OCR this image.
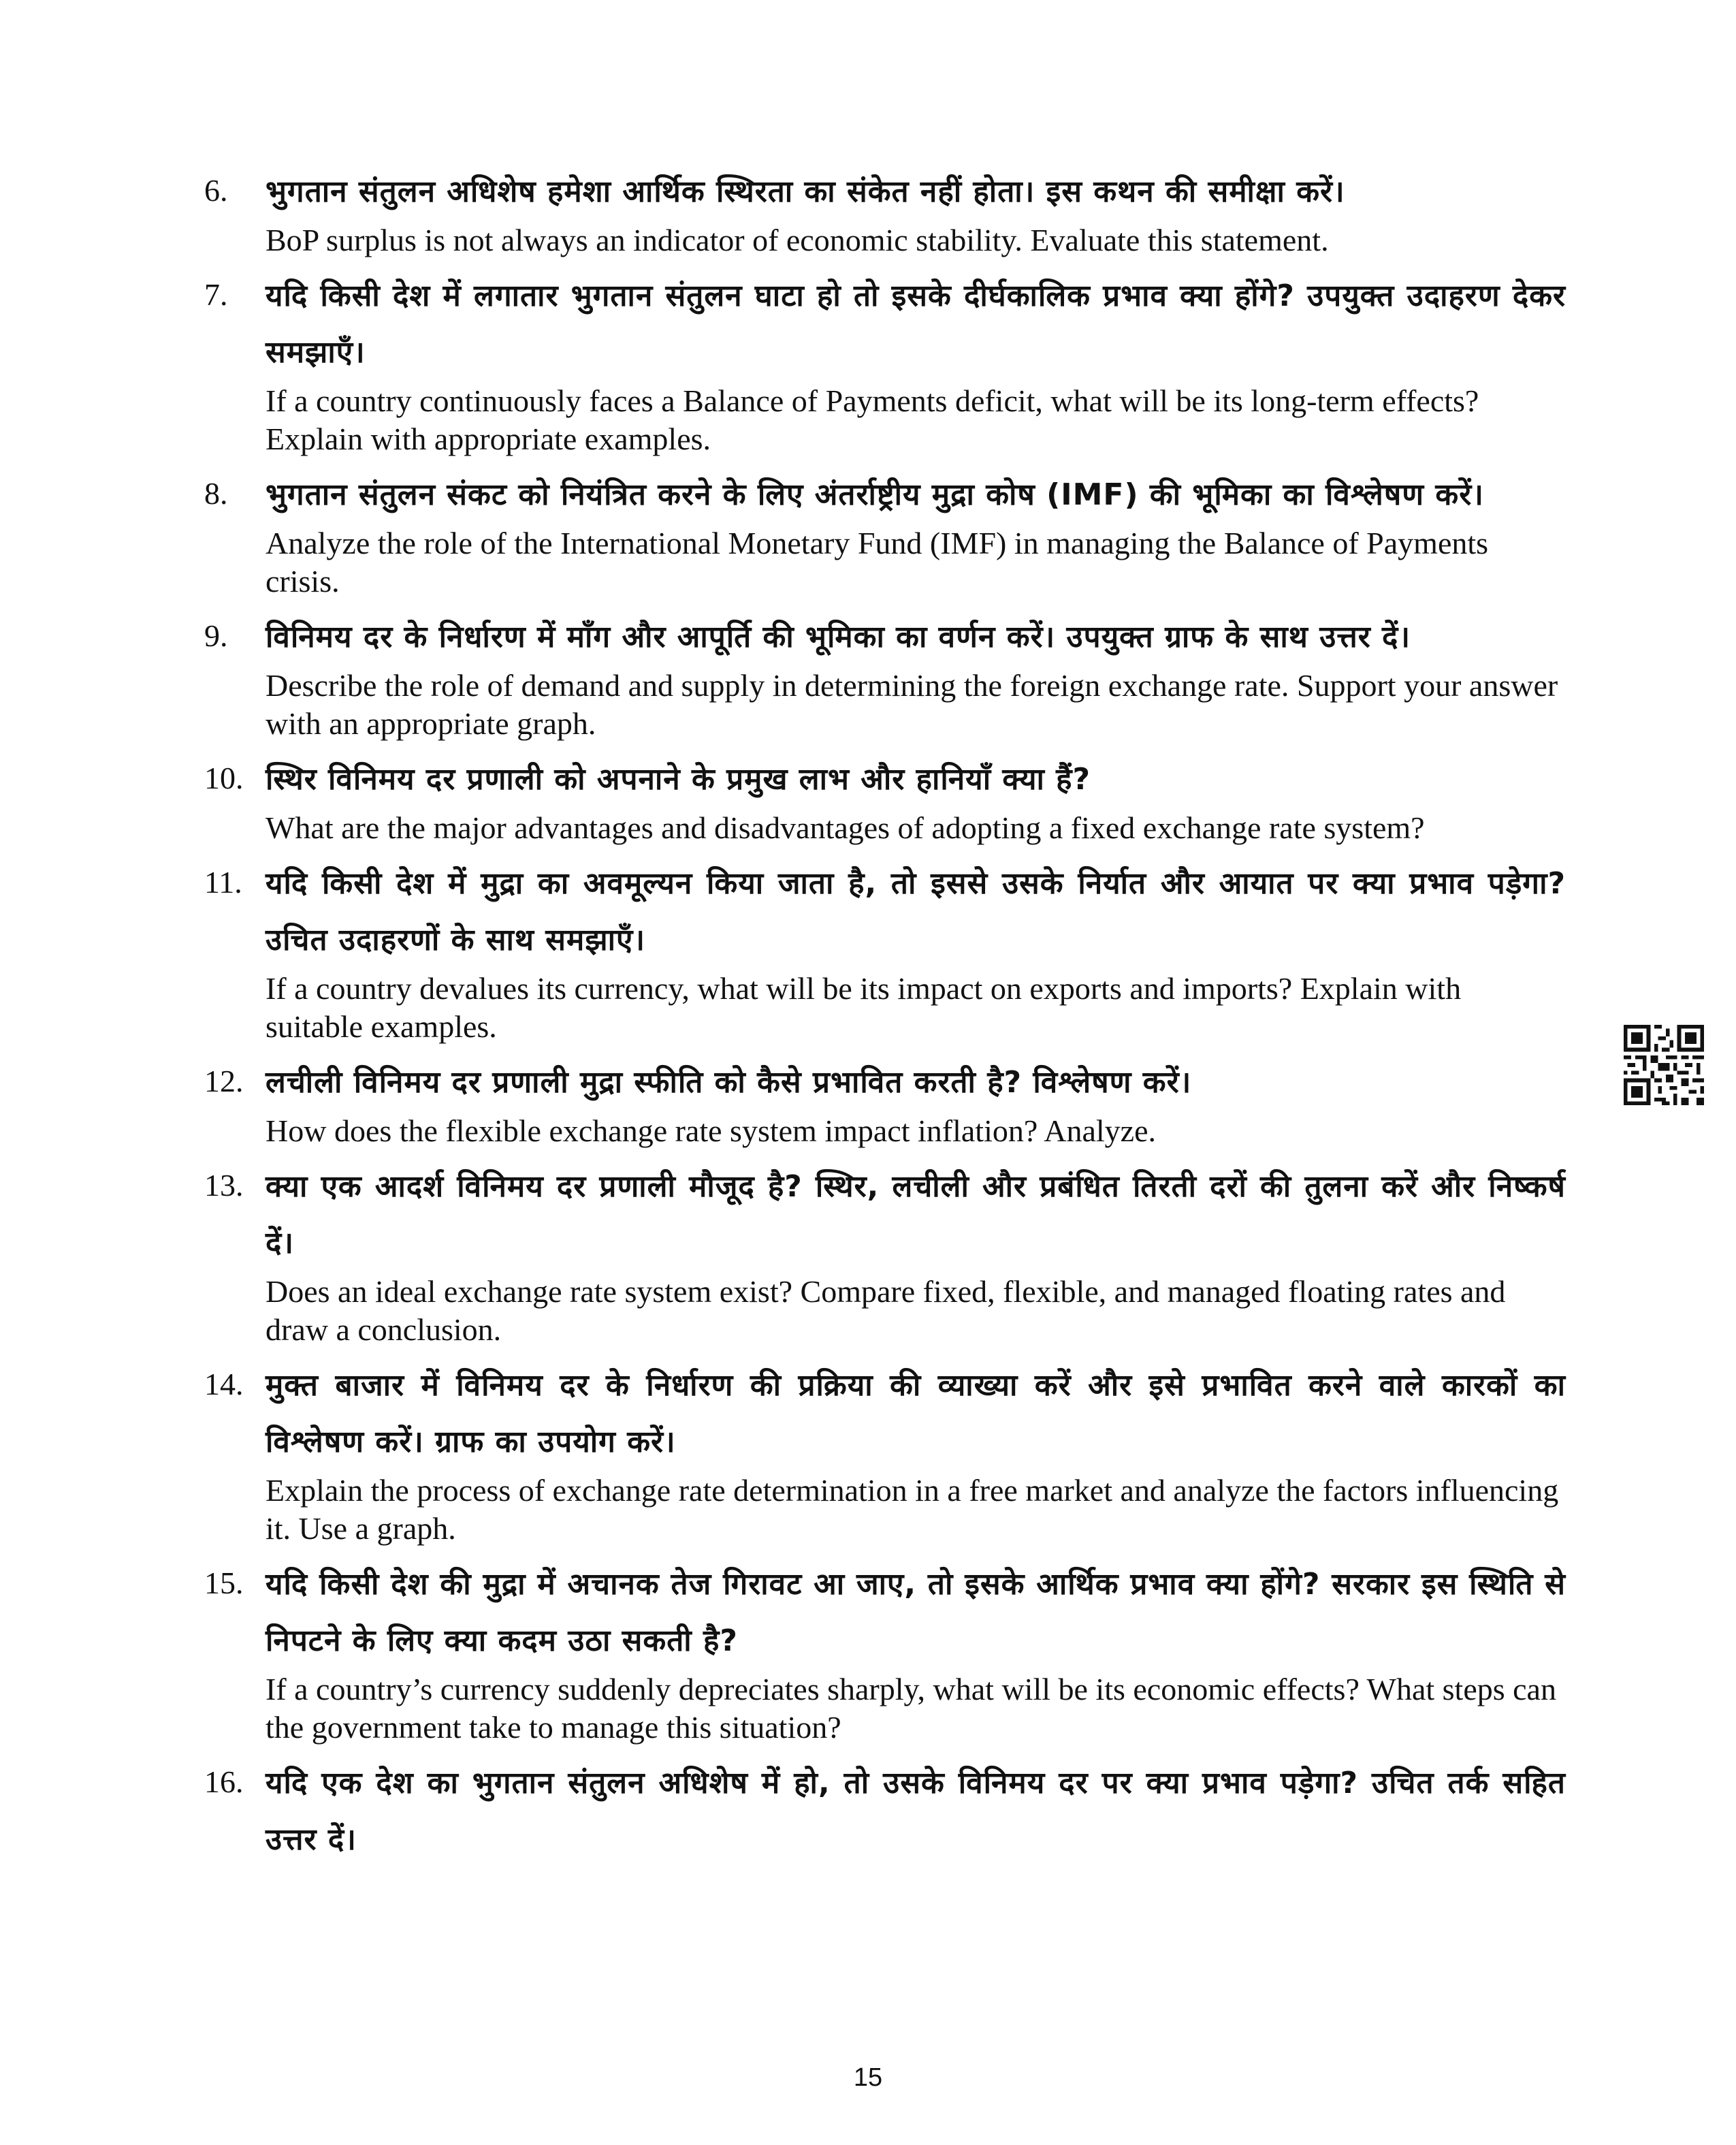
6. भुगतान संतुलन अधिशेष हमेशा आर्थिक स्थिरता का संकेत नहीं होता। इस कथन की समीक्षा करें।
BoP surplus is not always an indicator of economic stability. Evaluate this statement.
7. यदि किसी देश में लगातार भुगतान संतुलन घाटा हो तो इसके दीर्घकालिक प्रभाव क्या होंगे? उपयुक्त उदाहरण देकर समझाएँ।
If a country continuously faces a Balance of Payments deficit, what will be its long-term effects? Explain with appropriate examples.
8. भुगतान संतुलन संकट को नियंत्रित करने के लिए अंतर्राष्ट्रीय मुद्रा कोष (IMF) की भूमिका का विश्लेषण करें।
Analyze the role of the International Monetary Fund (IMF) in managing the Balance of Payments crisis.
9. विनिमय दर के निर्धारण में माँग और आपूर्ति की भूमिका का वर्णन करें। उपयुक्त ग्राफ के साथ उत्तर दें।
Describe the role of demand and supply in determining the foreign exchange rate. Support your answer with an appropriate graph.
10. स्थिर विनिमय दर प्रणाली को अपनाने के प्रमुख लाभ और हानियाँ क्या हैं?
What are the major advantages and disadvantages of adopting a fixed exchange rate system?
11. यदि किसी देश में मुद्रा का अवमूल्यन किया जाता है, तो इससे उसके निर्यात और आयात पर क्या प्रभाव पड़ेगा? उचित उदाहरणों के साथ समझाएँ।
If a country devalues its currency, what will be its impact on exports and imports? Explain with suitable examples.
12. लचीली विनिमय दर प्रणाली मुद्रा स्फीति को कैसे प्रभावित करती है? विश्लेषण करें।
How does the flexible exchange rate system impact inflation? Analyze.
13. क्या एक आदर्श विनिमय दर प्रणाली मौजूद है? स्थिर, लचीली और प्रबंधित तिरती दरों की तुलना करें और निष्कर्ष दें।
Does an ideal exchange rate system exist? Compare fixed, flexible, and managed floating rates and draw a conclusion.
14. मुक्त बाजार में विनिमय दर के निर्धारण की प्रक्रिया की व्याख्या करें और इसे प्रभावित करने वाले कारकों का विश्लेषण करें। ग्राफ का उपयोग करें।
Explain the process of exchange rate determination in a free market and analyze the factors influencing it. Use a graph.
15. यदि किसी देश की मुद्रा में अचानक तेज गिरावट आ जाए, तो इसके आर्थिक प्रभाव क्या होंगे? सरकार इस स्थिति से निपटने के लिए क्या कदम उठा सकती है?
If a country’s currency suddenly depreciates sharply, what will be its economic effects? What steps can the government take to manage this situation?
16. यदि एक देश का भुगतान संतुलन अधिशेष में हो, तो उसके विनिमय दर पर क्या प्रभाव पड़ेगा? उचित तर्क सहित उत्तर दें।
15
